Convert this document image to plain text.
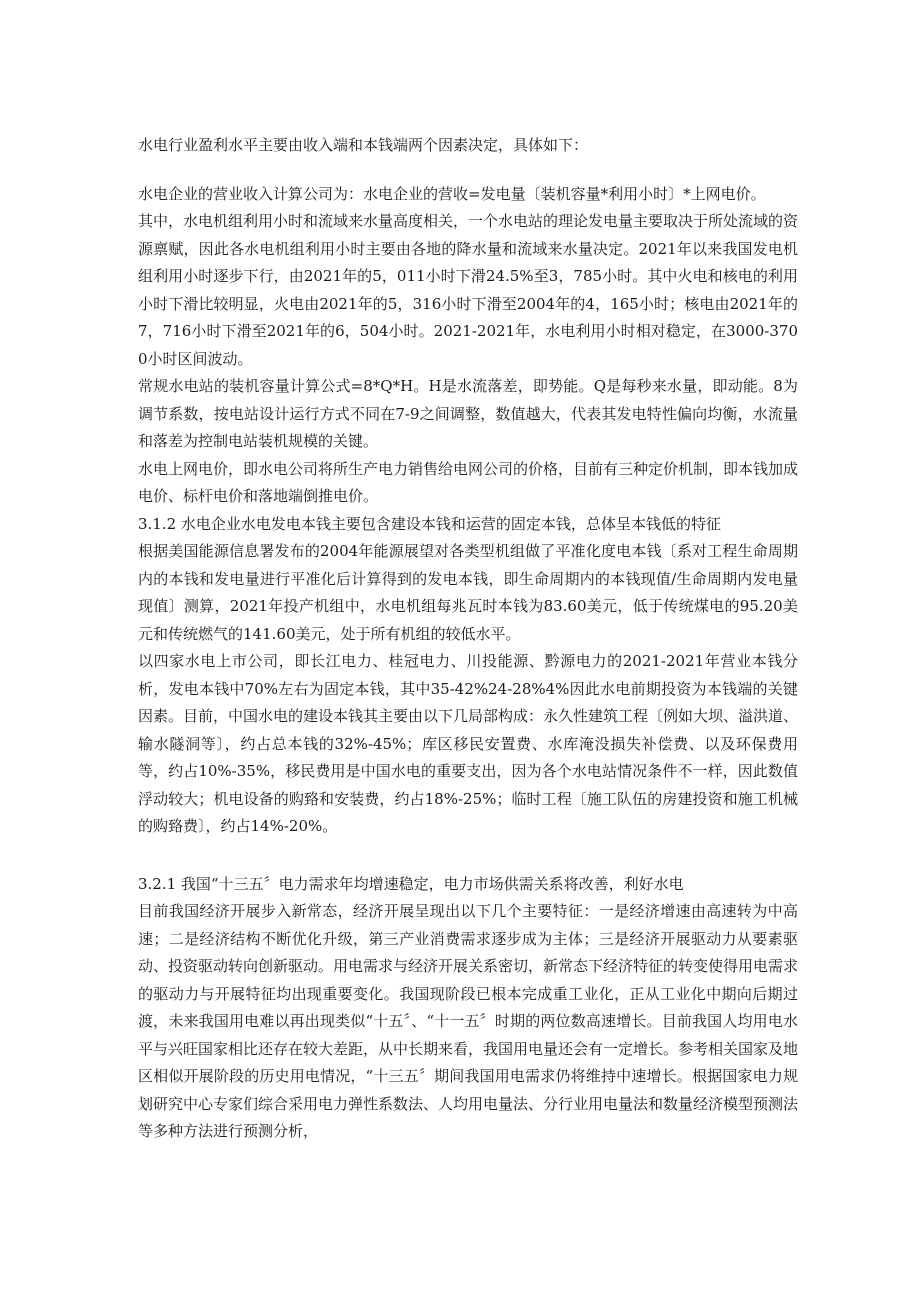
水电行业盈利水平主要由收入端和本钱端两个因素决定，具体如下：

水电企业的营业收入计算公司为：水电企业的营收=发电量〔装机容量*利用小时〕*上网电价。

其中，水电机组利用小时和流域来水量高度相关，一个水电站的理论发电量主要取决于所处流域的资源禀赋，因此各水电机组利用小时主要由各地的降水量和流域来水量决定。2021年以来我国发电机组利用小时逐步下行，由2021年的5，011小时下滑24.5%至3，785小时。其中火电和核电的利用小时下滑比较明显，火电由2021年的5，316小时下滑至2004年的4，165小时；核电由2021年的7，716小时下滑至2021年的6，504小时。2021-2021年，水电利用小时相对稳定，在3000-3700小时区间波动。

常规水电站的装机容量计算公式=8*Q*H。H是水流落差，即势能。Q是每秒来水量，即动能。8为调节系数，按电站设计运行方式不同在7-9之间调整，数值越大，代表其发电特性偏向均衡，水流量和落差为控制电站装机规模的关键。

水电上网电价，即水电公司将所生产电力销售给电网公司的价格，目前有三种定价机制，即本钱加成电价、标杆电价和落地端倒推电价。

3.1.2 水电企业水电发电本钱主要包含建设本钱和运营的固定本钱，总体呈本钱低的特征

根据美国能源信息署发布的2004年能源展望对各类型机组做了平准化度电本钱〔系对工程生命周期内的本钱和发电量进行平准化后计算得到的发电本钱，即生命周期内的本钱现值/生命周期内发电量现值〕测算，2021年投产机组中，水电机组每兆瓦时本钱为83.60美元，低于传统煤电的95.20美元和传统燃气的141.60美元，处于所有机组的较低水平。

以四家水电上市公司，即长江电力、桂冠电力、川投能源、黔源电力的2021-2021年营业本钱分析，发电本钱中70%左右为固定本钱，其中35-42%24-28%4%因此水电前期投资为本钱端的关键因素。目前，中国水电的建设本钱其主要由以下几局部构成：永久性建筑工程〔例如大坝、溢洪道、输水隧洞等〕，约占总本钱的32%-45%；库区移民安置费、水库淹没损失补偿费、以及环保费用等，约占10%-35%，移民费用是中国水电的重要支出，因为各个水电站情况条件不一样，因此数值浮动较大；机电设备的购臵和安装费，约占18%-25%；临时工程〔施工队伍的房建投资和施工机械的购臵费〕，约占14%-20%。

3.2.1 我国“十三五〞电力需求年均增速稳定，电力市场供需关系将改善，利好水电

目前我国经济开展步入新常态，经济开展呈现出以下几个主要特征：一是经济增速由高速转为中高速；二是经济结构不断优化升级，第三产业消费需求逐步成为主体；三是经济开展驱动力从要素驱动、投资驱动转向创新驱动。用电需求与经济开展关系密切，新常态下经济特征的转变使得用电需求的驱动力与开展特征均出现重要变化。我国现阶段已根本完成重工业化，正从工业化中期向后期过渡，未来我国用电难以再出现类似“十五〞、“十一五〞时期的两位数高速增长。目前我国人均用电水平与兴旺国家相比还存在较大差距，从中长期来看，我国用电量还会有一定增长。参考相关国家及地区相似开展阶段的历史用电情况，“十三五〞期间我国用电需求仍将维持中速增长。根据国家电力规划研究中心专家们综合采用电力弹性系数法、人均用电量法、分行业用电量法和数量经济模型预测法等多种方法进行预测分析，
